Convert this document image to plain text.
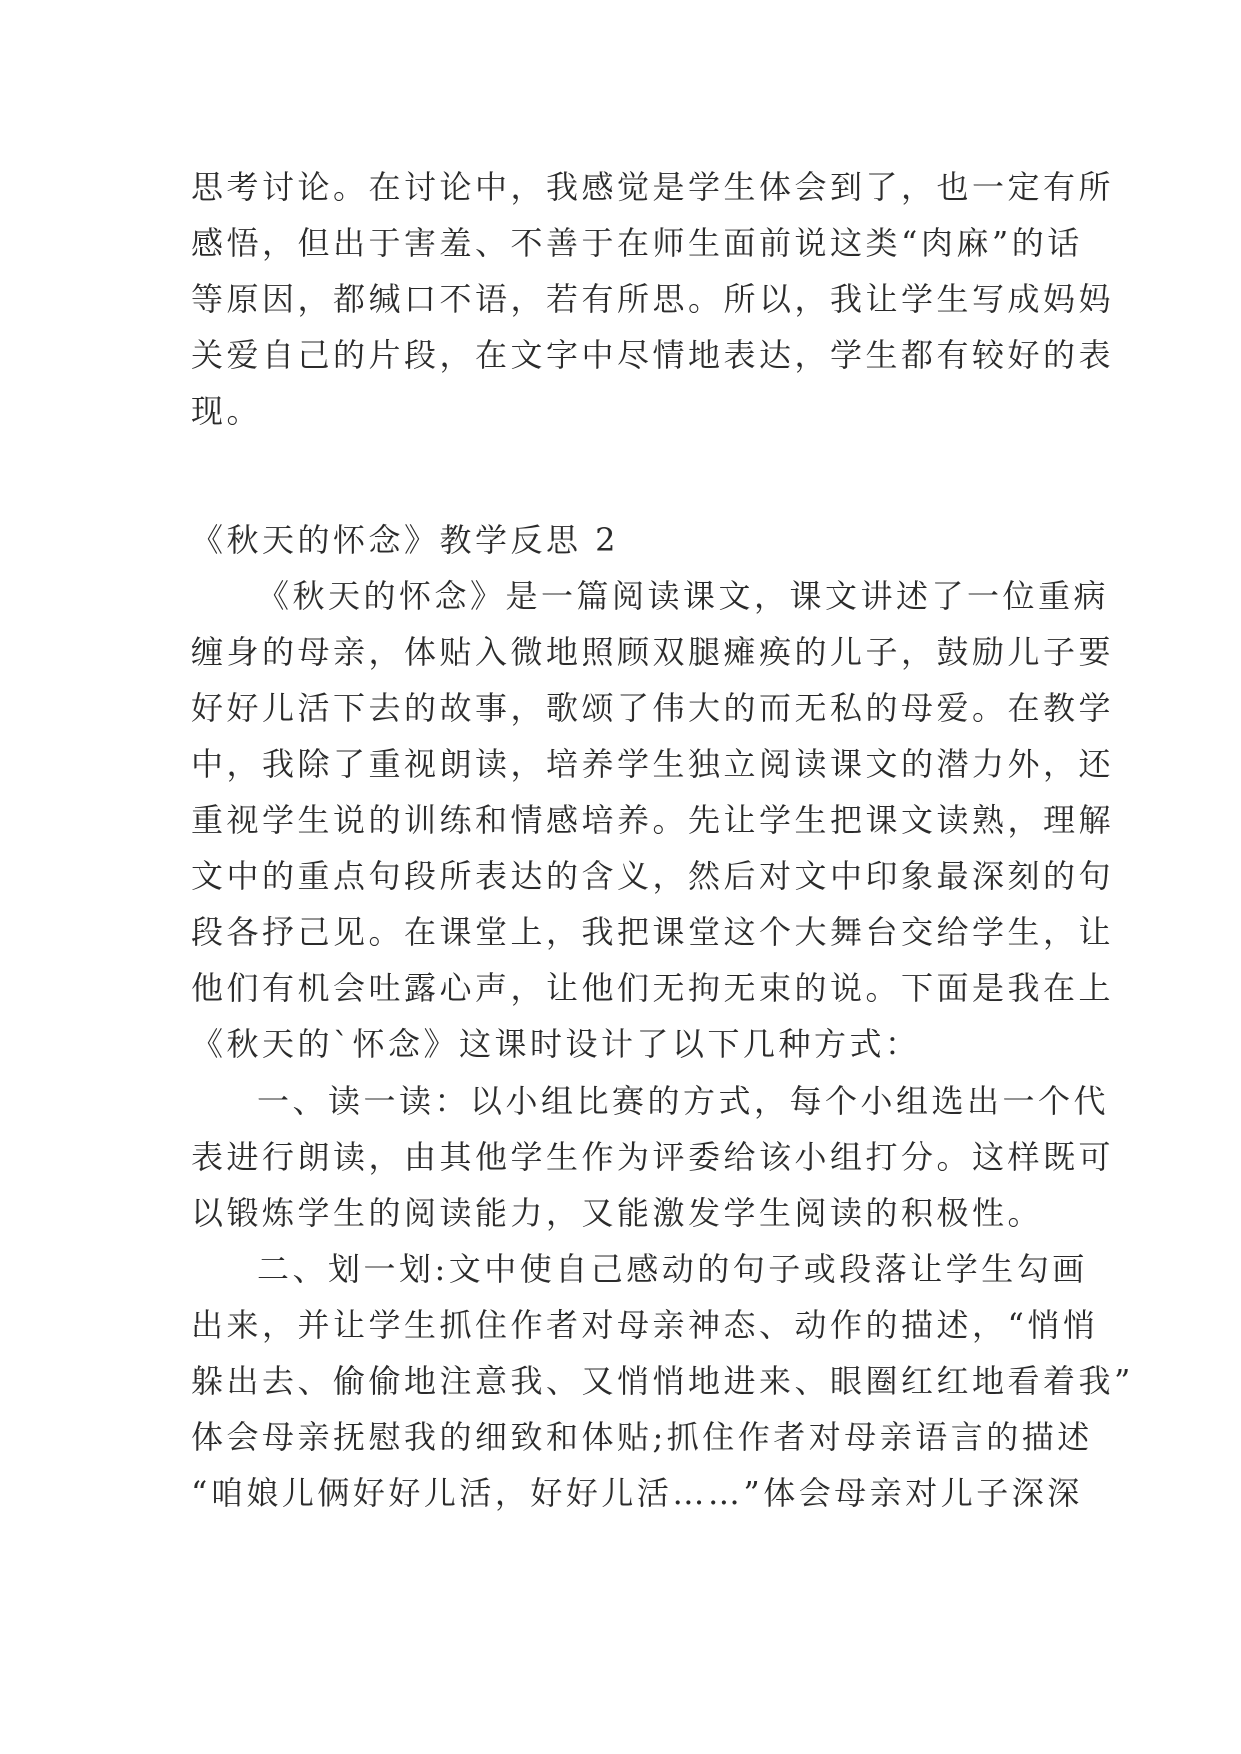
思考讨论。在讨论中，我感觉是学生体会到了，也一定有所
感悟，但出于害羞、不善于在师生面前说这类“肉麻”的话
等原因，都缄口不语，若有所思。所以，我让学生写成妈妈
关爱自己的片段，在文字中尽情地表达，学生都有较好的表
现。
《秋天的怀念》教学反思 2
《秋天的怀念》是一篇阅读课文，课文讲述了一位重病
缠身的母亲，体贴入微地照顾双腿瘫痪的儿子，鼓励儿子要
好好儿活下去的故事，歌颂了伟大的而无私的母爱。在教学
中，我除了重视朗读，培养学生独立阅读课文的潜力外，还
重视学生说的训练和情感培养。先让学生把课文读熟，理解
文中的重点句段所表达的含义，然后对文中印象最深刻的句
段各抒己见。在课堂上，我把课堂这个大舞台交给学生，让
他们有机会吐露心声，让他们无拘无束的说。下面是我在上
《秋天的`怀念》这课时设计了以下几种方式：
一、读一读：以小组比赛的方式，每个小组选出一个代
表进行朗读，由其他学生作为评委给该小组打分。这样既可
以锻炼学生的阅读能力，又能激发学生阅读的积极性。
二、划一划:文中使自己感动的句子或段落让学生勾画
出来，并让学生抓住作者对母亲神态、动作的描述，“悄悄
躲出去、偷偷地注意我、又悄悄地进来、眼圈红红地看着我”
体会母亲抚慰我的细致和体贴;抓住作者对母亲语言的描述
“咱娘儿俩好好儿活，好好儿活……”体会母亲对儿子深深
